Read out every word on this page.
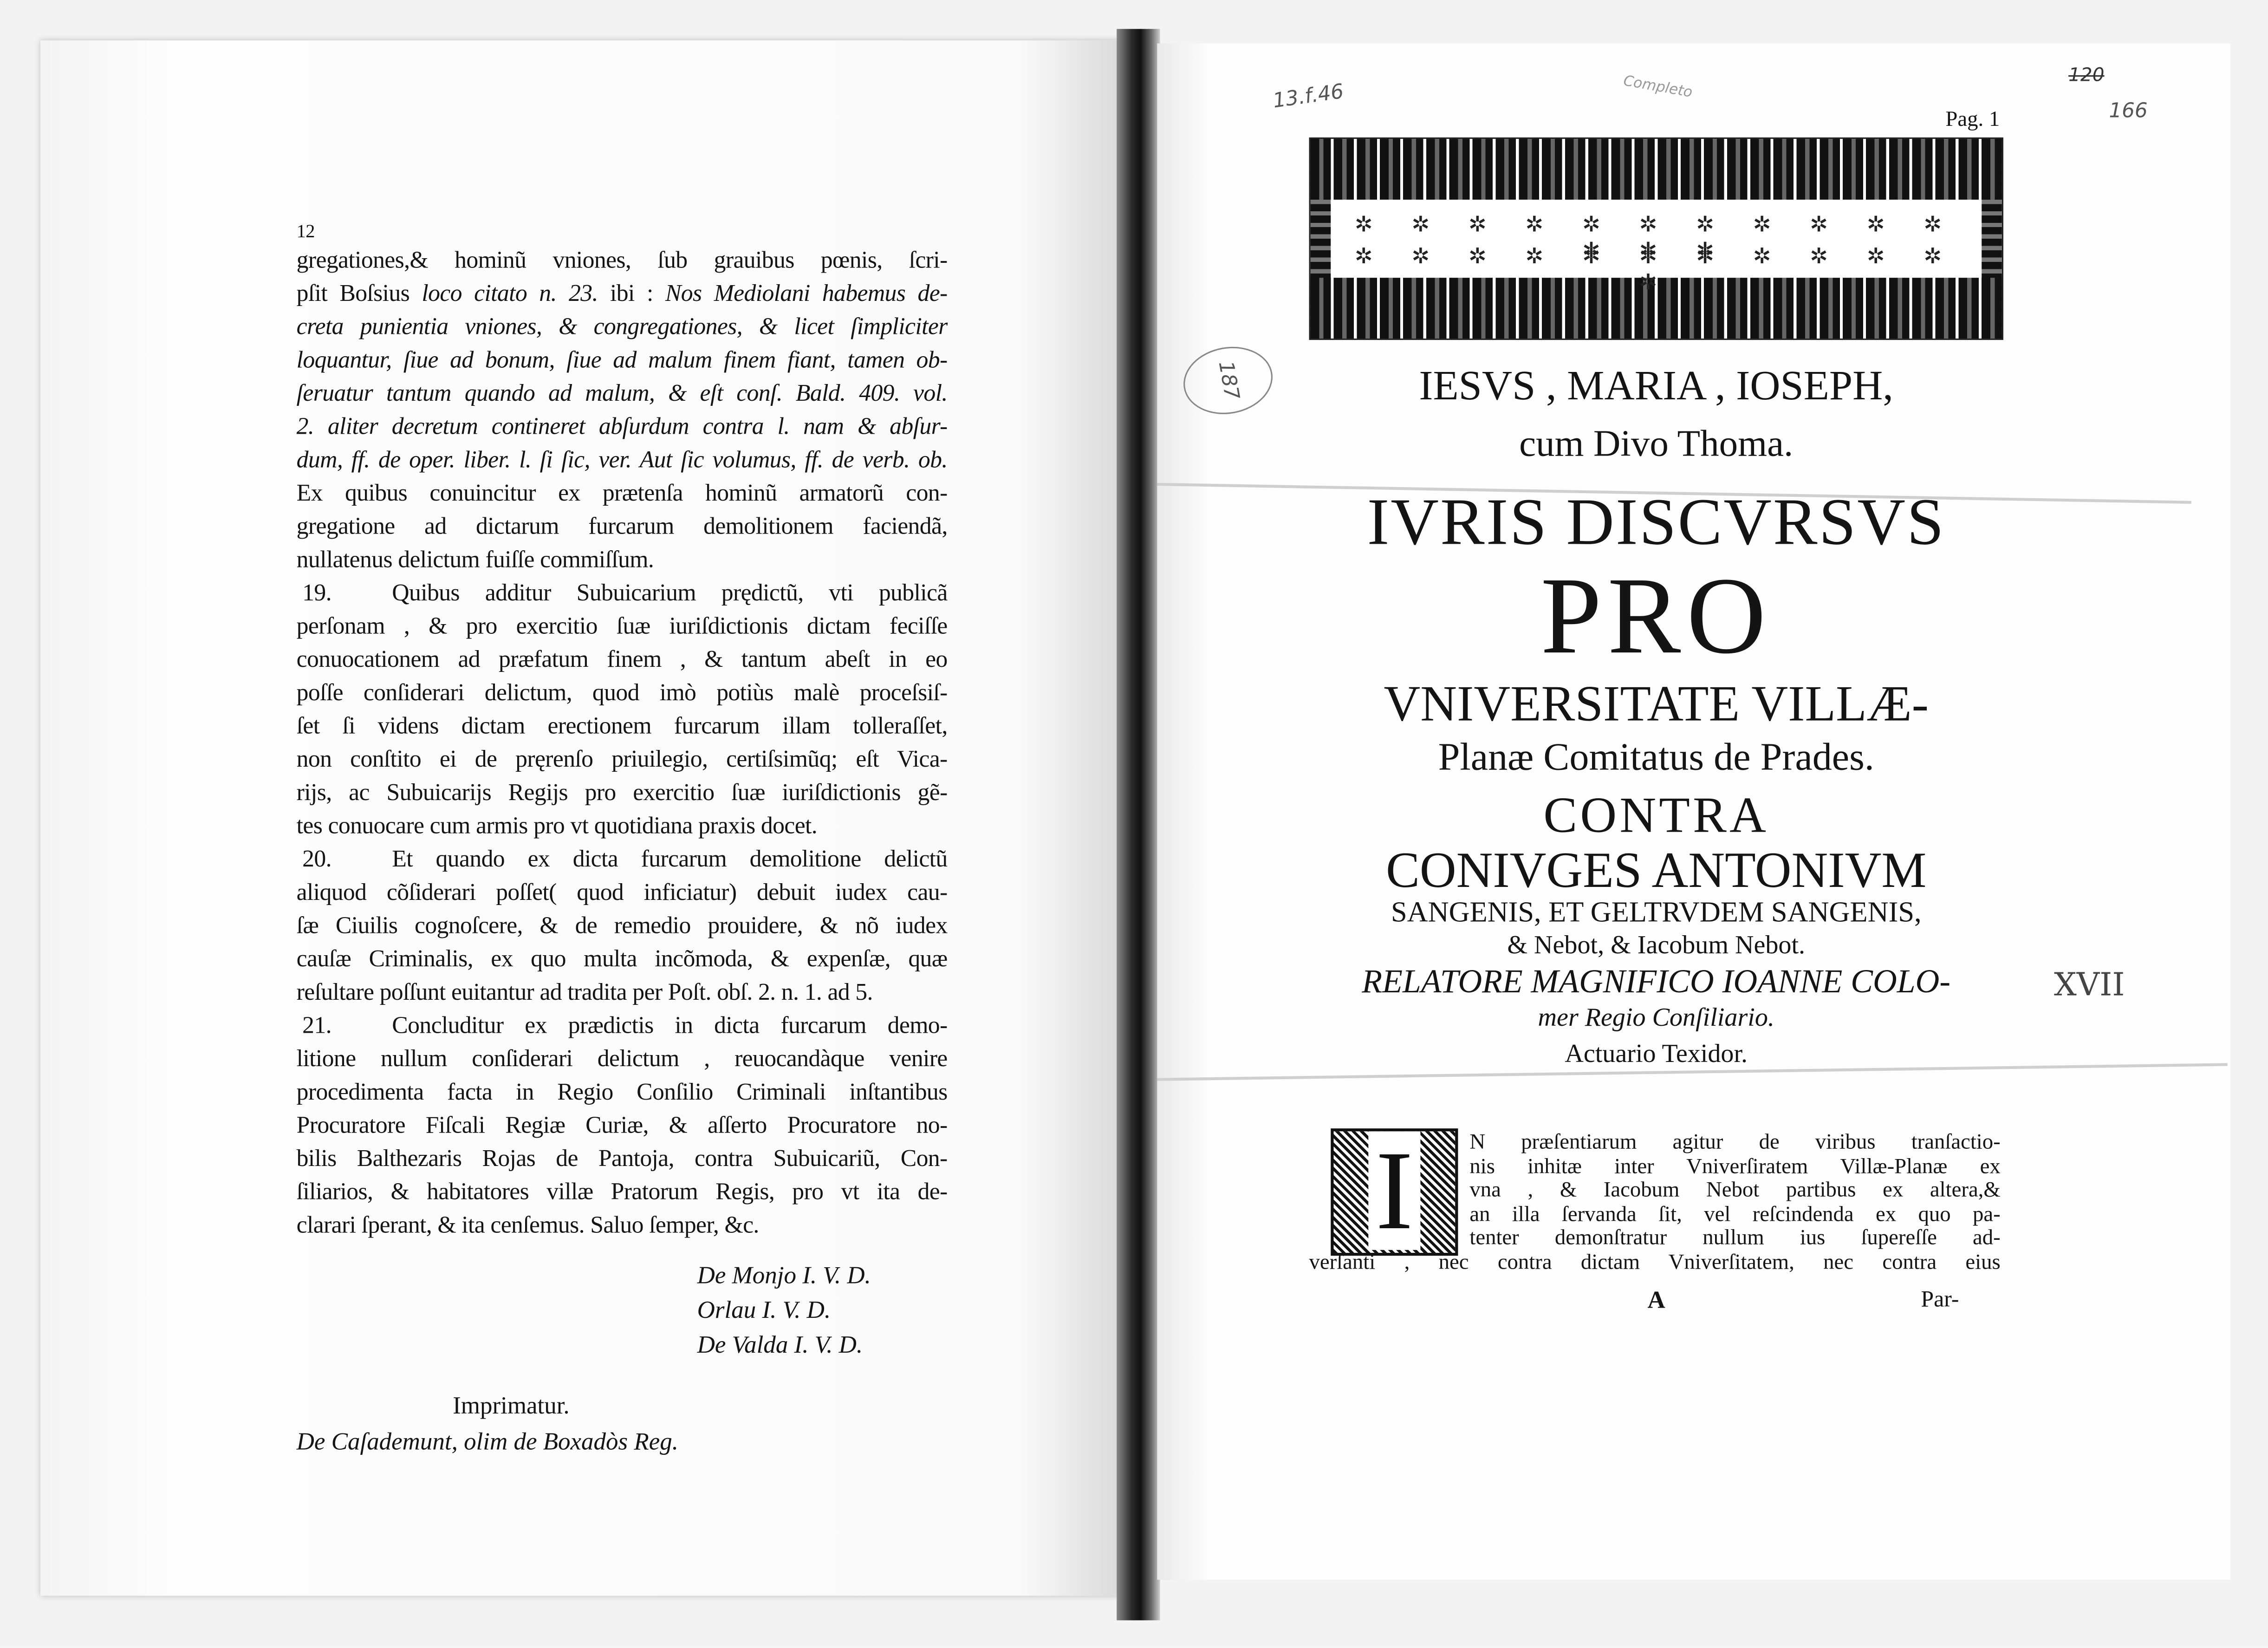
12
gregationes,& hominũ vniones, ſub grauibus pœnis, ſcri-
pſit Boſsius loco citato n. 23. ibi : Nos Mediolani habemus de-
creta punientia vniones, & congregationes, & licet ſimpliciter
loquantur, ſiue ad bonum, ſiue ad malum finem fiant, tamen ob-
ſeruatur tantum quando ad malum, & eſt conſ. Bald. 409. vol.
2. aliter decretum contineret abſurdum contra l. nam & abſur-
dum, ff. de oper. liber. l. ſi ſic, ver. Aut ſic volumus, ff. de verb. ob.
Ex quibus conuincitur ex prætenſa hominũ armatorũ con-
gregatione ad dictarum furcarum demolitionem faciendã,
nullatenus delictum fuiſſe commiſſum.
19.	Quibus additur Subuicarium prędictũ, vti publicã
perſonam , & pro exercitio ſuæ iuriſdictionis dictam feciſſe
conuocationem ad præfatum finem , & tantum abeſt in eo
poſſe conſiderari delictum, quod imò potiùs malè proceſsiſ-
ſet ſi videns dictam erectionem furcarum illam tolleraſſet,
non conſtito ei de pręrenſo priuilegio, certiſsimũq; eſt Vica-
rijs, ac Subuicarijs Regijs pro exercitio ſuæ iuriſdictionis gẽ-
tes conuocare cum armis pro vt quotidiana praxis docet.
20.	Et quando ex dicta furcarum demolitione delictũ
aliquod cõſiderari poſſet( quod inficiatur) debuit iudex cau-
ſæ Ciuilis cognoſcere, & de remedio prouidere, & nõ iudex
cauſæ Criminalis, ex quo multa incõmoda, & expenſæ, quæ
reſultare poſſunt euitantur ad tradita per Poſt. obſ. 2. n. 1. ad 5.
21.	Concluditur ex prædictis in dicta furcarum demo-
litione nullum conſiderari delictum , reuocandàque venire
procedimenta facta in Regio Conſilio Criminali inſtantibus
Procuratore Fiſcali Regiæ Curiæ, & aſſerto Procuratore no-
bilis Balthezaris Rojas de Pantoja, contra Subuicariũ, Con-
ſiliarios, & habitatores villæ Pratorum Regis, pro vt ita de-
clarari ſperant, & ita cenſemus. Saluo ſemper, &c.
De Monjo I. V. D.
Orlau I. V. D.
De Valda I. V. D.
Imprimatur.
De Caſademunt, olim de Boxadòs Reg.
13.f.46	Completo	120
166
187
XVII
Pag. 1
✲ ✲ ✲ ✲ ✲ ✲ ✲ ✲ ✲ ✲ ✲ ✲ ✲ ✲
✲ ✲ ✲ ✲ ✲ ✲ ✲ ✲ ✲ ✲ ✲ ✲
IESVS , MARIA , IOSEPH,
cum Divo Thoma.
IVRIS DISCVRSVS
PRO
VNIVERSITATE VILLÆ-
Planæ Comitatus de Prades.
CONTRA
CONIVGES ANTONIVM
SANGENIS, ET GELTRVDEM SANGENIS,
& Nebot, & Iacobum Nebot.
RELATORE MAGNIFICO IOANNE COLO-
mer Regio Conſiliario.
Actuario Texidor.
I	N præſentiarum agitur de viribus tranſactio-
nis inhitæ inter Vniverſiratem Villæ-Planæ ex
vna , & Iacobum Nebot partibus ex altera,&
an illa ſervanda ſit, vel reſcindenda ex quo pa-
tenter demonſtratur nullum ius ſupereſſe ad-
verſanti , nec contra dictam Vniverſitatem, nec contra eius
A	Par-
